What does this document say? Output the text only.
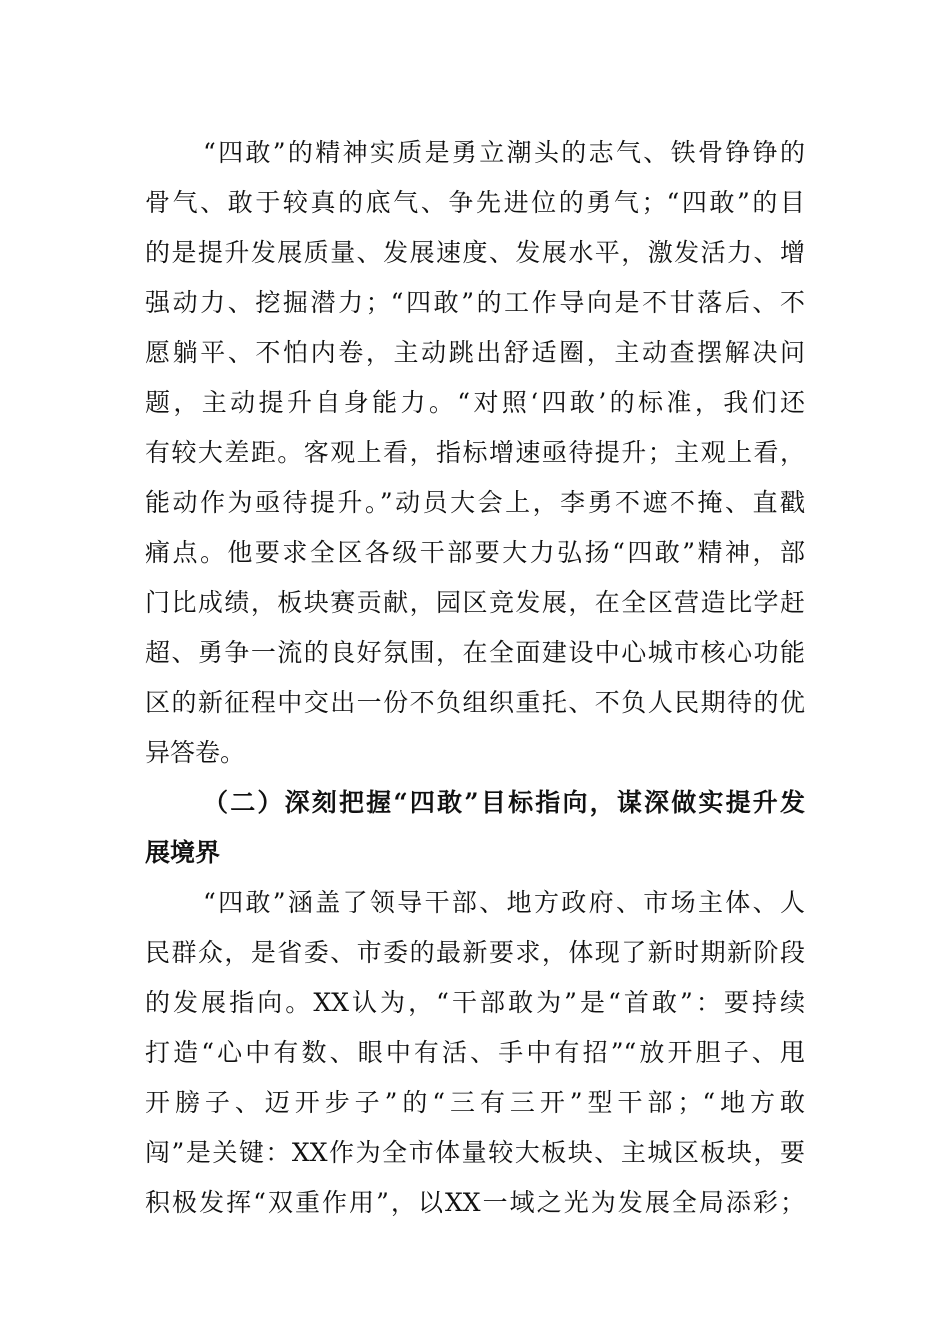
“四敢”的精神实质是勇立潮头的志气、铁骨铮铮的
骨气、敢于较真的底气、争先进位的勇气；“四敢”的目
的是提升发展质量、发展速度、发展水平，激发活力、增
强动力、挖掘潜力；“四敢”的工作导向是不甘落后、不
愿躺平、不怕内卷，主动跳出舒适圈，主动查摆解决问
题，主动提升自身能力。“对照‘四敢’的标准，我们还
有较大差距。客观上看，指标增速亟待提升；主观上看，
能动作为亟待提升。”动员大会上，李勇不遮不掩、直戳
痛点。他要求全区各级干部要大力弘扬“四敢”精神，部
门比成绩，板块赛贡献，园区竞发展，在全区营造比学赶
超、勇争一流的良好氛围，在全面建设中心城市核心功能
区的新征程中交出一份不负组织重托、不负人民期待的优
异答卷。
（二）深刻把握“四敢”目标指向，谋深做实提升发
展境界
“四敢”涵盖了领导干部、地方政府、市场主体、人
民群众，是省委、市委的最新要求，体现了新时期新阶段
的发展指向。XX认为，“干部敢为”是“首敢”：要持续
打造“心中有数、眼中有活、手中有招”“放开胆子、甩
开膀子、迈开步子”的“三有三开”型干部；“地方敢
闯”是关键：XX作为全市体量较大板块、主城区板块，要
积极发挥“双重作用”，以XX一域之光为发展全局添彩；
